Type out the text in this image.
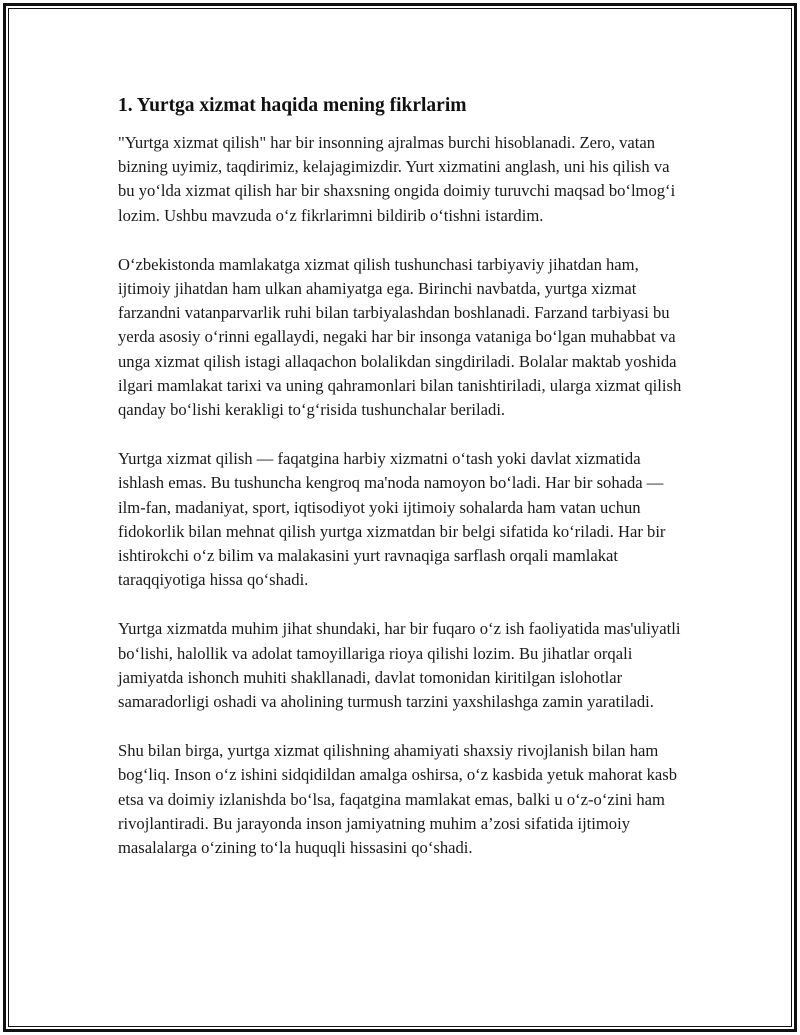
1. Yurtga xizmat haqida mening fikrlarim

"Yurtga xizmat qilish" har bir insonning ajralmas burchi hisoblanadi. Zero, vatan bizning uyimiz, taqdirimiz, kelajagimizdir. Yurt xizmatini anglash, uni his qilish va bu yo‘lda xizmat qilish har bir shaxsning ongida doimiy turuvchi maqsad bo‘lmog‘i lozim. Ushbu mavzuda o‘z fikrlarimni bildirib o‘tishni istardim.

O‘zbekistonda mamlakatga xizmat qilish tushunchasi tarbiyaviy jihatdan ham, ijtimoiy jihatdan ham ulkan ahamiyatga ega. Birinchi navbatda, yurtga xizmat farzandni vatanparvarlik ruhi bilan tarbiyalashdan boshlanadi. Farzand tarbiyasi bu yerda asosiy o‘rinni egallaydi, negaki har bir insonga vataniga bo‘lgan muhabbat va unga xizmat qilish istagi allaqachon bolalikdan singdiriladi. Bolalar maktab yoshida ilgari mamlakat tarixi va uning qahramonlari bilan tanishtiriladi, ularga xizmat qilish qanday bo‘lishi kerakligi to‘g‘risida tushunchalar beriladi.

Yurtga xizmat qilish — faqatgina harbiy xizmatni o‘tash yoki davlat xizmatida ishlash emas. Bu tushuncha kengroq ma'noda namoyon bo‘ladi. Har bir sohada — ilm-fan, madaniyat, sport, iqtisodiyot yoki ijtimoiy sohalarda ham vatan uchun fidokorlik bilan mehnat qilish yurtga xizmatdan bir belgi sifatida ko‘riladi. Har bir ishtirokchi o‘z bilim va malakasini yurt ravnaqiga sarflash orqali mamlakat taraqqiyotiga hissa qo‘shadi.

Yurtga xizmatda muhim jihat shundaki, har bir fuqaro o‘z ish faoliyatida mas'uliyatli bo‘lishi, halollik va adolat tamoyillariga rioya qilishi lozim. Bu jihatlar orqali jamiyatda ishonch muhiti shakllanadi, davlat tomonidan kiritilgan islohotlar samaradorligi oshadi va aholining turmush tarzini yaxshilashga zamin yaratiladi.

Shu bilan birga, yurtga xizmat qilishning ahamiyati shaxsiy rivojlanish bilan ham bog‘liq. Inson o‘z ishini sidqidildan amalga oshirsa, o‘z kasbida yetuk mahorat kasb etsa va doimiy izlanishda bo‘lsa, faqatgina mamlakat emas, balki u o‘z-o‘zini ham rivojlantiradi. Bu jarayonda inson jamiyatning muhim a’zosi sifatida ijtimoiy masalalarga o‘zining to‘la huquqli hissasini qo‘shadi.
